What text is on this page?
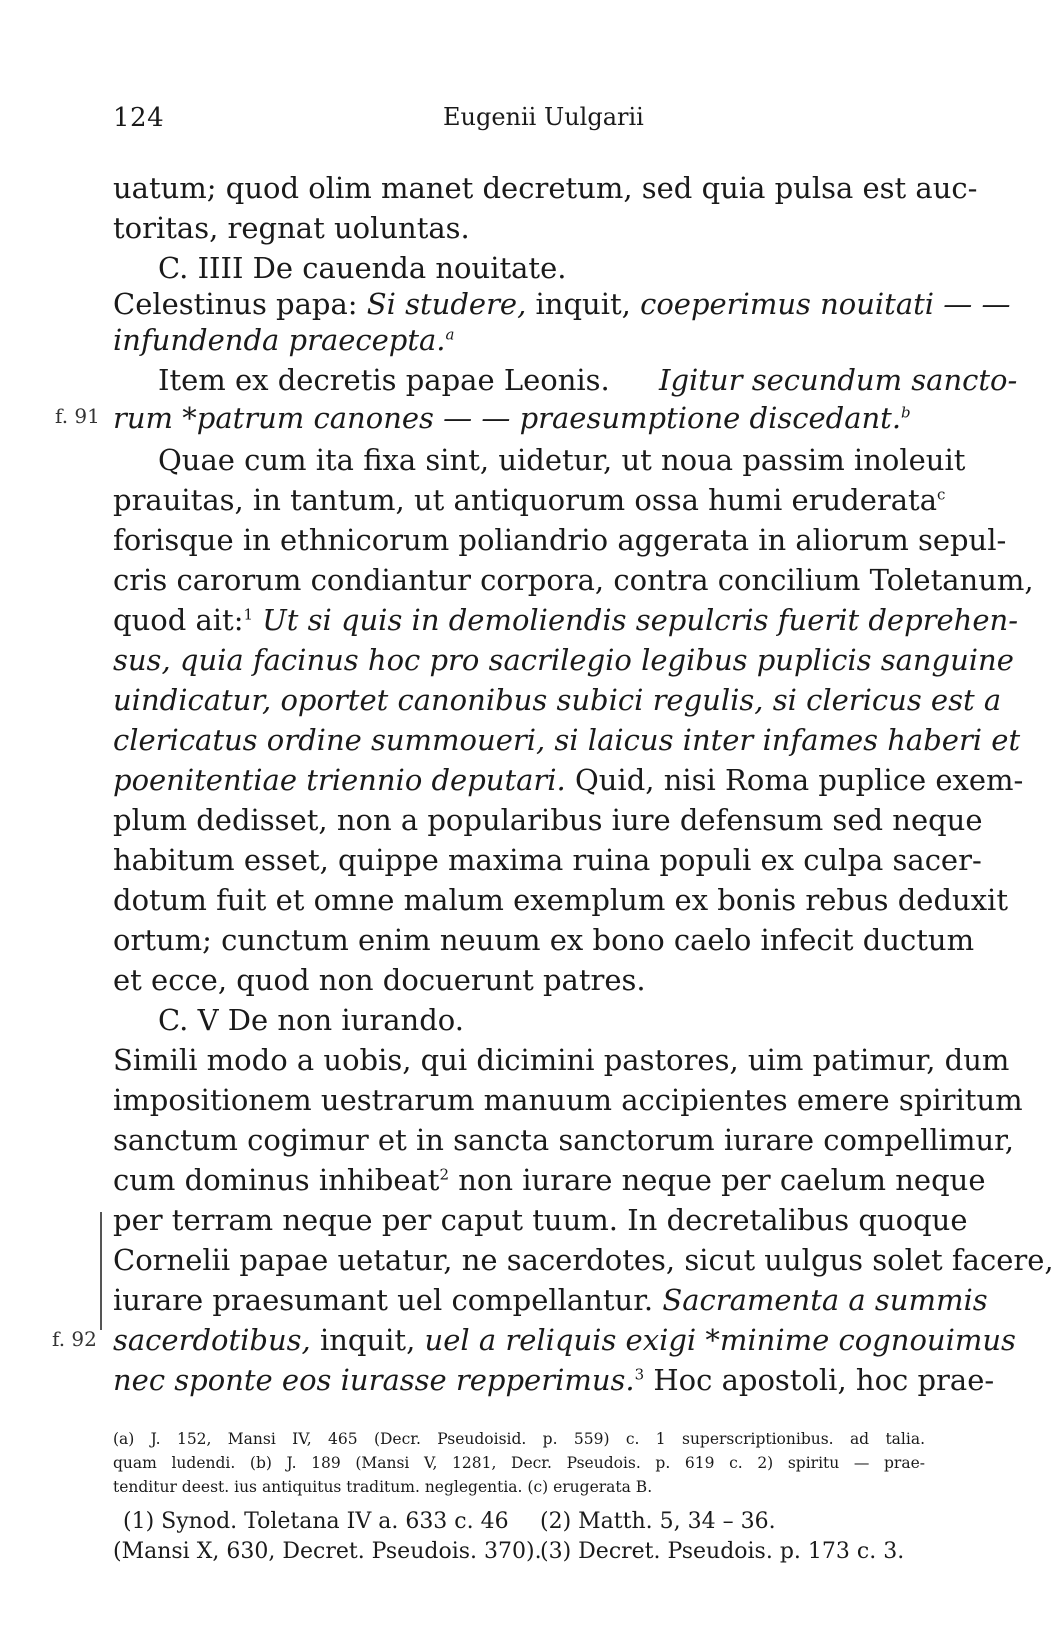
124	Eugenii Uulgarii
uatum; quod olim manet decretum, sed quia pulsa est auc-
toritas, regnat uoluntas.
C. IIII De cauenda nouitate.
Celestinus papa: Si studere, inquit, coeperimus nouitati — —
infundenda praecepta.$^a$
Item ex decretis papae Leonis. Igitur secundum sancto-
rum *patrum canones — — praesumptione discedant.$^b$
Quae cum ita fixa sint, uidetur, ut noua passim inoleuit
prauitas, in tantum, ut antiquorum ossa humi eruderata$^c$
forisque in ethnicorum poliandrio aggerata in aliorum sepul-
cris carorum condiantur corpora, contra concilium Toletanum,
quod ait:$^1$ Ut si quis in demoliendis sepulcris fuerit deprehen-
sus, quia facinus hoc pro sacrilegio legibus puplicis sanguine
uindicatur, oportet canonibus subici regulis, si clericus est a
clericatus ordine summoueri, si laicus inter infames haberi et
poenitentiae triennio deputari. Quid, nisi Roma puplice exem-
plum dedisset, non a popularibus iure defensum sed neque
habitum esset, quippe maxima ruina populi ex culpa sacer-
dotum fuit et omne malum exemplum ex bonis rebus deduxit
ortum; cunctum enim neuum ex bono caelo infecit ductum
et ecce, quod non docuerunt patres.
C. V De non iurando.
Simili modo a uobis, qui dicimini pastores, uim patimur, dum
impositionem uestrarum manuum accipientes emere spiritum
sanctum cogimur et in sancta sanctorum iurare compellimur,
cum dominus inhibeat$^2$ non iurare neque per caelum neque
per terram neque per caput tuum. In decretalibus quoque
Cornelii papae uetatur, ne sacerdotes, sicut uulgus solet facere,
iurare praesumant uel compellantur. Sacramenta a summis
sacerdotibus, inquit, uel a reliquis exigi *minime cognouimus
nec sponte eos iurasse repperimus.$^3$ Hoc apostoli, hoc prae-
f. 91
f. 92
(a) J. 152, Mansi IV, 465 (Decr. Pseudoisid. p. 559) c. 1 superscriptionibus. ad talia.
quam ludendi. (b) J. 189 (Mansi V, 1281, Decr. Pseudois. p. 619 c. 2) spiritu — prae-
tenditur deest. ius antiquitus traditum. neglegentia. (c) erugerata B.
(1) Synod. Toletana IV a. 633 c. 46
(Mansi X, 630, Decret. Pseudois. 370).
(2) Matth. 5, 34 – 36.
(3) Decret. Pseudois. p. 173 c. 3.
